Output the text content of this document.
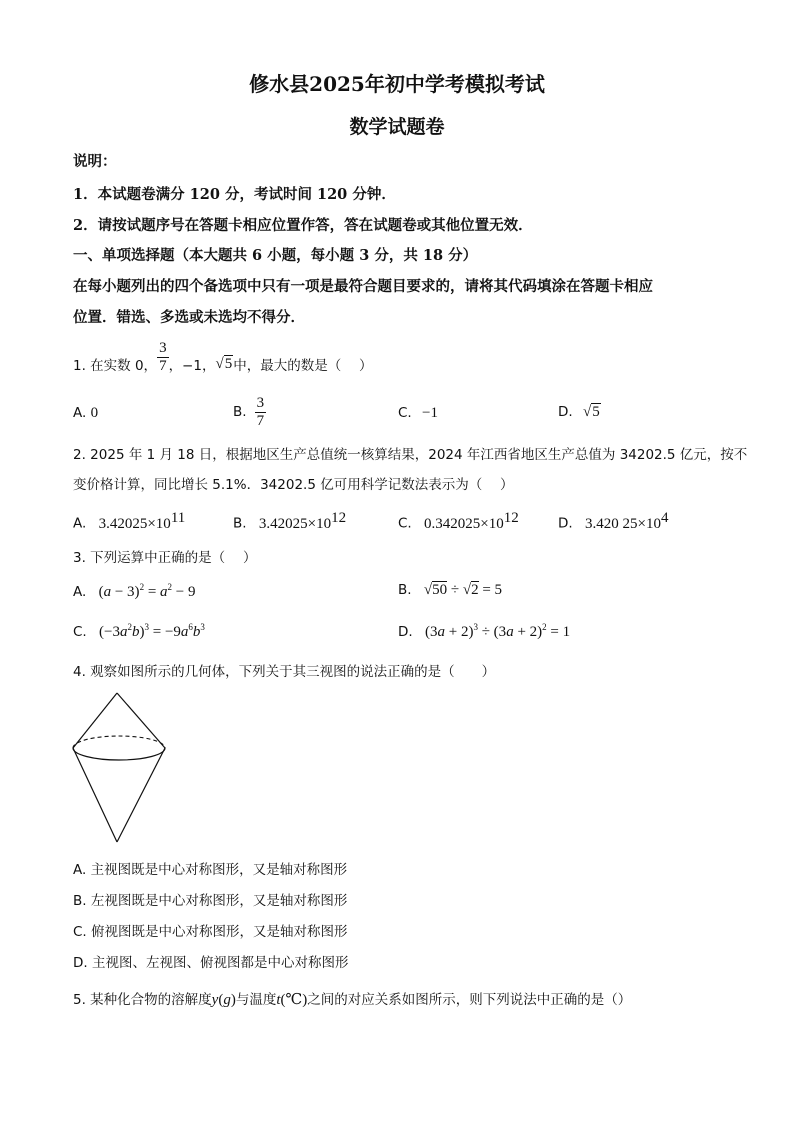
修水县2025年初中学考模拟考试
数学试题卷
说明：
1．本试题卷满分 120 分，考试时间 120 分钟．
2．请按试题序号在答题卡相应位置作答，答在试题卷或其他位置无效．
一、单项选择题（本大题共 6 小题，每小题 3 分，共 18 分）
在每小题列出的四个备选项中只有一项是最符合题目要求的，请将其代码填涂在答题卡相应
位置．错选、多选或未选均不得分．
1. 在实数 0， $\frac{3}{7}$ ，−1， √5 中，最大的数是（　 ）
A. 0	B. $\frac{3}{7}$	C. −1	D. √5
2. 2025 年 1 月 18 日，根据地区生产总值统一核算结果，2024 年江西省地区生产总值为 34202.5 亿元，按不
变价格计算，同比增长 5.1%．34202.5 亿可用科学记数法表示为（　 ）
A. $3.42025\times 10^{11}$	B. $3.42025\times 10^{12}$	C. $0.342025\times 10^{12}$	D. 3.420 $25\times 10^4$
3. 下列运算中正确的是（　 ）
A. $(a - 3)^2 = a^2 - 9$	B. √50 ÷ √2 = 5
C. $(-3a^2b)^3 = -9a^6b^3$	D. $(3a + 2)^3 \div (3a + 2)^2 = 1$
4. 观察如图所示的几何体，下列关于其三视图的说法正确的是（　　）
A. 主视图既是中心对称图形，又是轴对称图形
B. 左视图既是中心对称图形，又是轴对称图形
C. 俯视图既是中心对称图形，又是轴对称图形
D. 主视图、左视图、俯视图都是中心对称图形
5. 某种化合物的溶解度y(g)与温度t(℃)之间的对应关系如图所示，则下列说法中正确的是（）
